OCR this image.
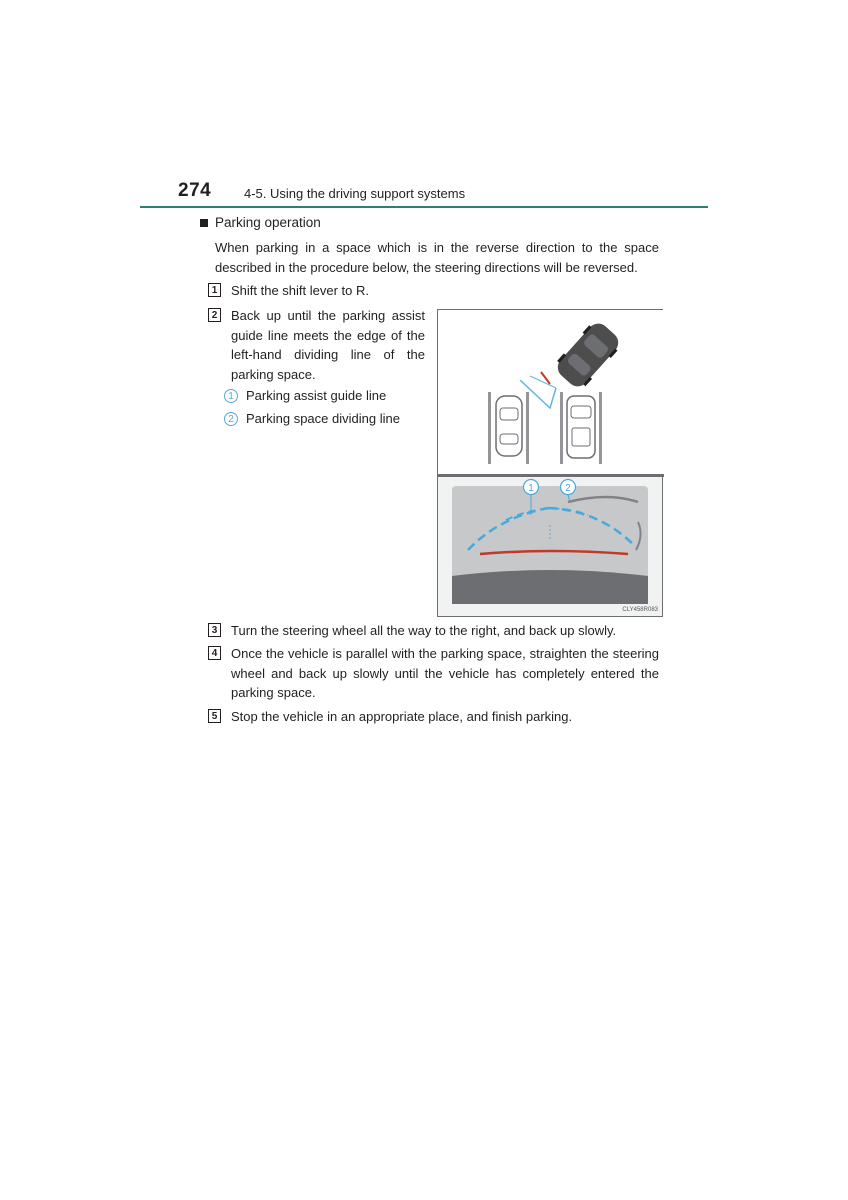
274	4-5. Using the driving support systems
Parking operation
When parking in a space which is in the reverse direction to the space described in the procedure below, the steering directions will be reversed.
1 Shift the shift lever to R.
2 Back up until the parking assist guide line meets the edge of the left-hand dividing line of the parking space.
1 Parking assist guide line
2 Parking space dividing line
1	2
CLY458R083
3 Turn the steering wheel all the way to the right, and back up slowly.
4 Once the vehicle is parallel with the parking space, straighten the steering wheel and back up slowly until the vehicle has completely entered the parking space.
5 Stop the vehicle in an appropriate place, and finish parking.
